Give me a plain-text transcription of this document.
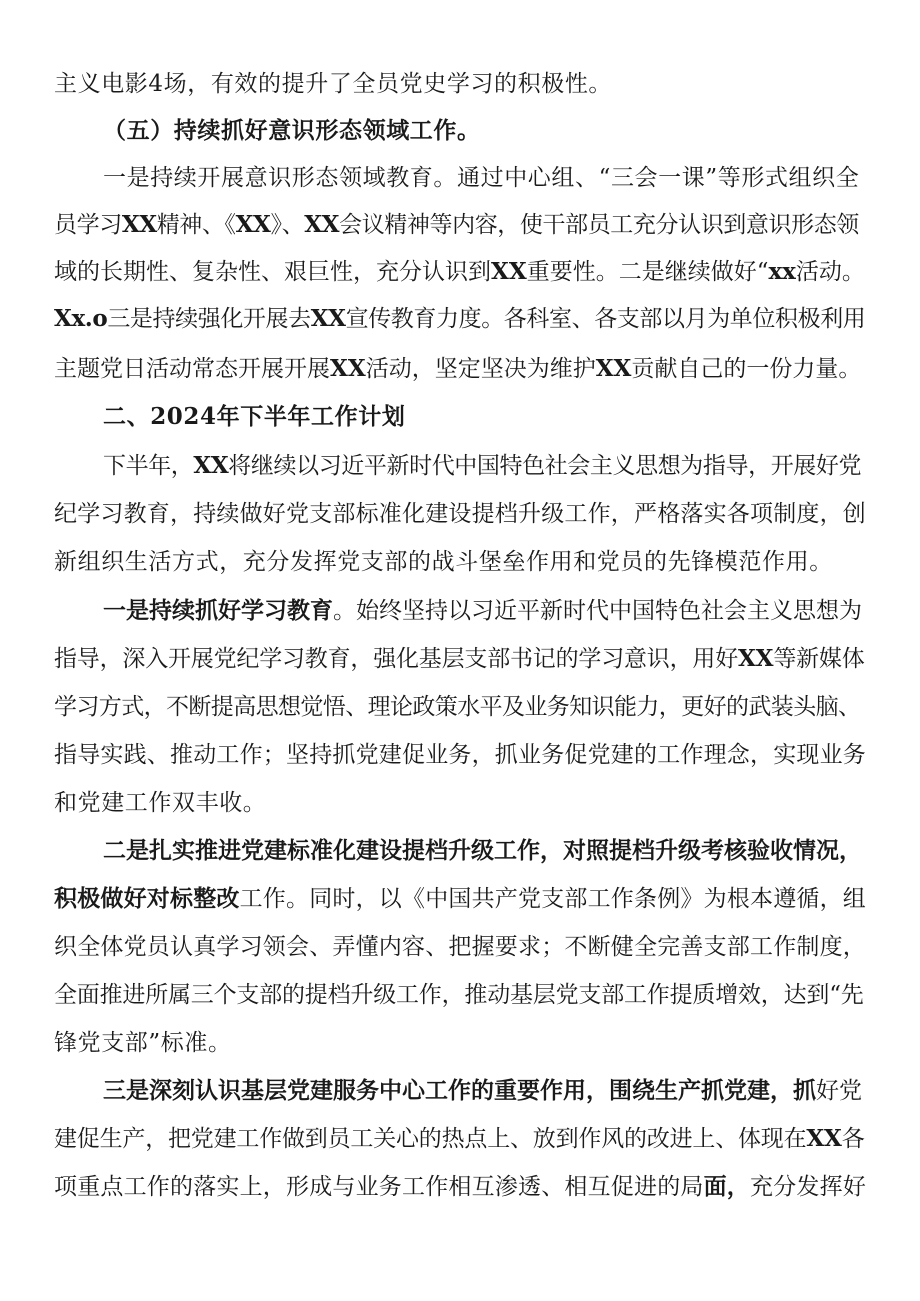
主义电影4场，有效的提升了全员党史学习的积极性。
（五）持续抓好意识形态领域工作。
一是持续开展意识形态领域教育。通过中心组、“三会一课”等形式组织全
员学习XX精神、《XX》、XX会议精神等内容，使干部员工充分认识到意识形态领
域的长期性、复杂性、艰巨性，充分认识到XX重要性。二是继续做好“xx活动。
Xx.o三是持续强化开展去XX宣传教育力度。各科室、各支部以月为单位积极利用
主题党日活动常态开展开展XX活动，坚定坚决为维护XX贡献自己的一份力量。
二、2024年下半年工作计划
下半年，XX将继续以习近平新时代中国特色社会主义思想为指导，开展好党
纪学习教育，持续做好党支部标准化建设提档升级工作，严格落实各项制度，创
新组织生活方式，充分发挥党支部的战斗堡垒作用和党员的先锋模范作用。
一是持续抓好学习教育。始终坚持以习近平新时代中国特色社会主义思想为
指导，深入开展党纪学习教育，强化基层支部书记的学习意识，用好XX等新媒体
学习方式，不断提高思想觉悟、理论政策水平及业务知识能力，更好的武装头脑、
指导实践、推动工作；坚持抓党建促业务，抓业务促党建的工作理念，实现业务
和党建工作双丰收。
二是扎实推进党建标准化建设提档升级工作，对照提档升级考核验收情况，
积极做好对标整改工作。同时，以《中国共产党支部工作条例》为根本遵循，组
织全体党员认真学习领会、弄懂内容、把握要求；不断健全完善支部工作制度，
全面推进所属三个支部的提档升级工作，推动基层党支部工作提质增效，达到“先
锋党支部”标准。
三是深刻认识基层党建服务中心工作的重要作用，围绕生产抓党建，抓好党
建促生产，把党建工作做到员工关心的热点上、放到作风的改进上、体现在XX各
项重点工作的落实上，形成与业务工作相互渗透、相互促进的局面，充分发挥好
